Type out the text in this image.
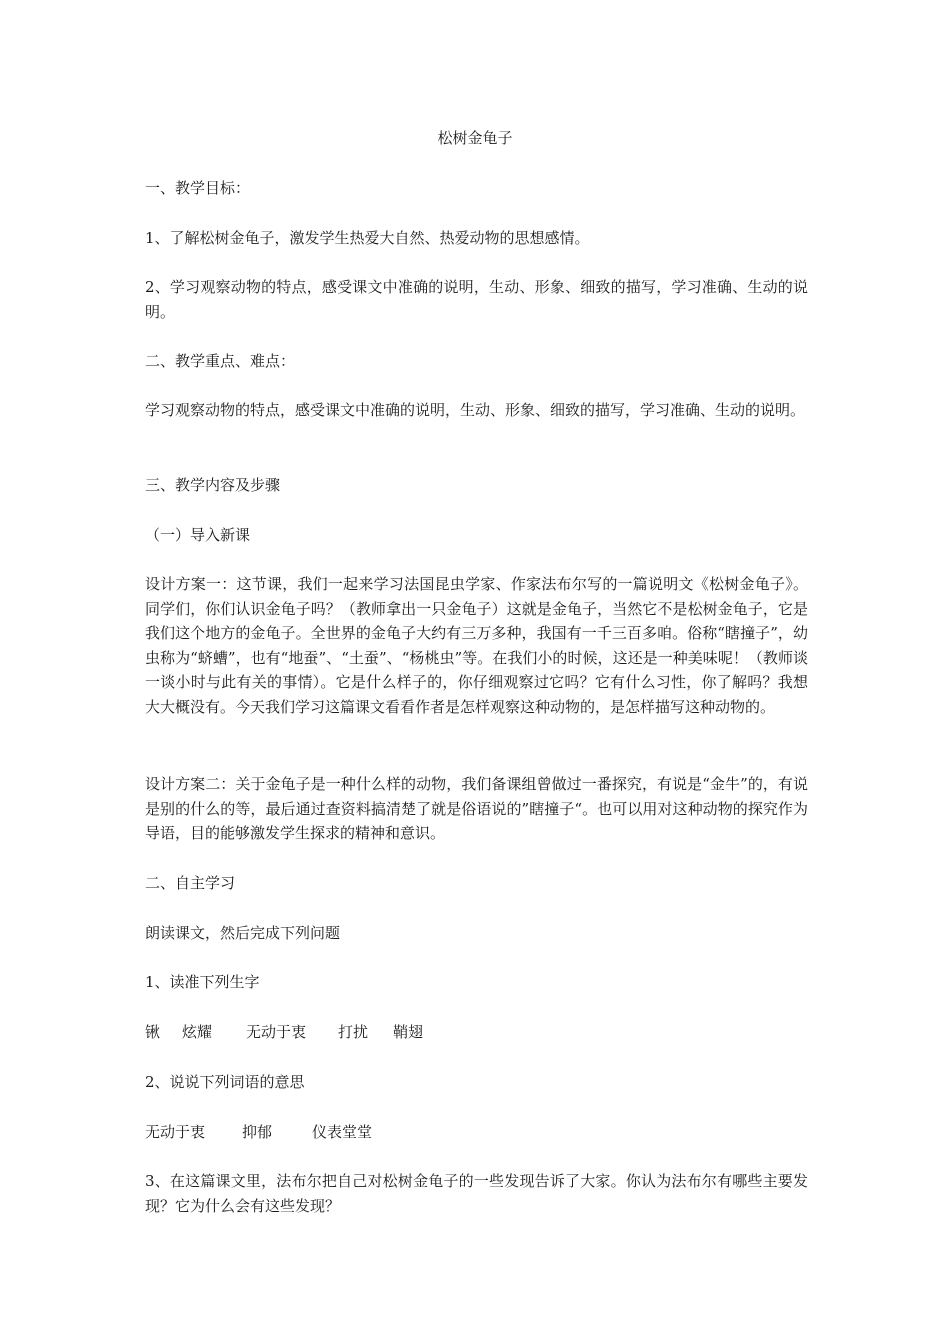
松树金龟子

一、教学目标：

1、了解松树金龟子，激发学生热爱大自然、热爱动物的思想感情。

2、学习观察动物的特点，感受课文中准确的说明，生动、形象、细致的描写，学习准确、生动的说明。

二、教学重点、难点：

学习观察动物的特点，感受课文中准确的说明，生动、形象、细致的描写，学习准确、生动的说明。

三、教学内容及步骤

（一）导入新课

设计方案一：这节课，我们一起来学习法国昆虫学家、作家法布尔写的一篇说明文《松树金龟子》。同学们，你们认识金龟子吗？（教师拿出一只金龟子）这就是金龟子，当然它不是松树金龟子，它是我们这个地方的金龟子。全世界的金龟子大约有三万多种，我国有一千三百多咱。俗称“瞎撞子”，幼虫称为“蛴螬”，也有“地蚕”、“土蚕”、“杨桃虫”等。在我们小的时候，这还是一种美味呢！（教师谈一谈小时与此有关的事情）。它是什么样子的，你仔细观察过它吗？它有什么习性，你了解吗？我想大大概没有。今天我们学习这篇课文看看作者是怎样观察这种动物的，是怎样描写这种动物的。

设计方案二：关于金龟子是一种什么样的动物，我们备课组曾做过一番探究，有说是“金牛”的，有说是别的什么的等，最后通过查资料搞清楚了就是俗语说的”瞎撞子“。也可以用对这种动物的探究作为导语，目的能够激发学生探求的精神和意识。

二、自主学习

朗读课文，然后完成下列问题

1、读准下列生字

锹 炫耀 无动于衷 打扰 鞘翅

2、说说下列词语的意思

无动于衷 抑郁	仪表堂堂

3、在这篇课文里，法布尔把自己对松树金龟子的一些发现告诉了大家。你认为法布尔有哪些主要发现？它为什么会有这些发现？
